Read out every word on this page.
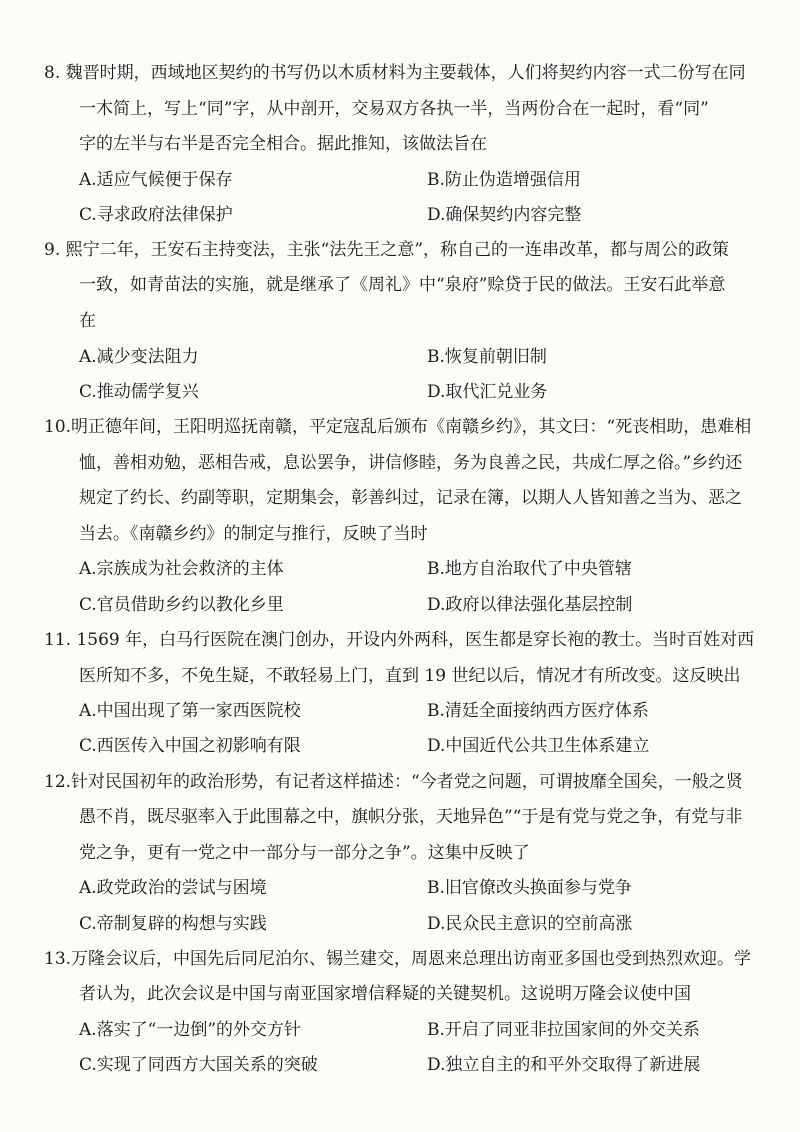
8. 魏晋时期，西域地区契约的书写仍以木质材料为主要载体，人们将契约内容一式二份写在同
一木简上，写上“同”字，从中剖开，交易双方各执一半，当两份合在一起时，看“同”
字的左半与右半是否完全相合。据此推知，该做法旨在
A.适应气候便于保存	B.防止伪造增强信用
C.寻求政府法律保护	D.确保契约内容完整
9. 熙宁二年，王安石主持变法，主张“法先王之意”，称自己的一连串改革，都与周公的政策
一致，如青苗法的实施，就是继承了《周礼》中“泉府”赊贷于民的做法。王安石此举意
在
A.减少变法阻力	B.恢复前朝旧制
C.推动儒学复兴	D.取代汇兑业务
10.明正德年间，王阳明巡抚南赣，平定寇乱后颁布《南赣乡约》，其文曰：“死丧相助，患难相
恤，善相劝勉，恶相告戒，息讼罢争，讲信修睦，务为良善之民，共成仁厚之俗。”乡约还
规定了约长、约副等职，定期集会，彰善纠过，记录在簿，以期人人皆知善之当为、恶之
当去。《南赣乡约》的制定与推行，反映了当时
A.宗族成为社会救济的主体	B.地方自治取代了中央管辖
C.官员借助乡约以教化乡里	D.政府以律法强化基层控制
11. 1569 年，白马行医院在澳门创办，开设内外两科，医生都是穿长袍的教士。当时百姓对西
医所知不多，不免生疑，不敢轻易上门，直到 19 世纪以后，情况才有所改变。这反映出
A.中国出现了第一家西医院校	B.清廷全面接纳西方医疗体系
C.西医传入中国之初影响有限	D.中国近代公共卫生体系建立
12.针对民国初年的政治形势，有记者这样描述：“今者党之问题，可谓披靡全国矣，一般之贤
愚不肖，既尽驱率入于此围幕之中，旗帜分张，天地异色”“于是有党与党之争，有党与非
党之争，更有一党之中一部分与一部分之争”。这集中反映了
A.政党政治的尝试与困境	B.旧官僚改头换面参与党争
C.帝制复辟的构想与实践	D.民众民主意识的空前高涨
13.万隆会议后，中国先后同尼泊尔、锡兰建交，周恩来总理出访南亚多国也受到热烈欢迎。学
者认为，此次会议是中国与南亚国家增信释疑的关键契机。这说明万隆会议使中国
A.落实了“一边倒”的外交方针	B.开启了同亚非拉国家间的外交关系
C.实现了同西方大国关系的突破	D.独立自主的和平外交取得了新进展
